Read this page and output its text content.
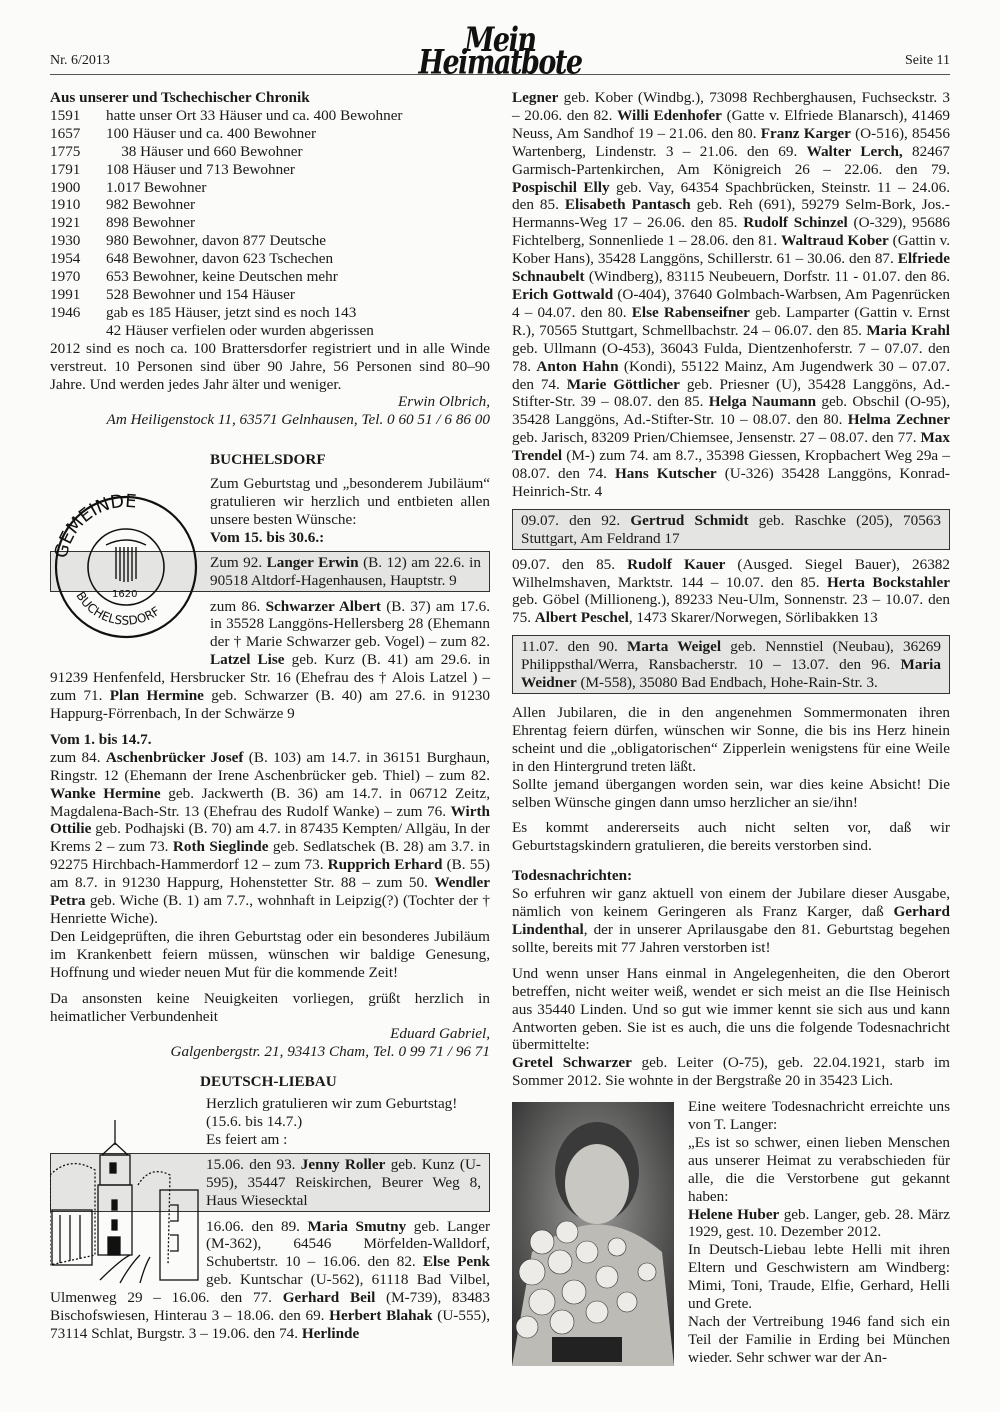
Nr. 6/2013
Mein Heimatbote	Seite 11
Aus unserer und Tschechischer Chronik
1591	hatte unser Ort 33 Häuser und ca. 400 Bewohner
1657	100 Häuser und ca. 400 Bewohner
1775	  38 Häuser und 660 Bewohner
1791	108 Häuser und 713 Bewohner
1900	1.017 Bewohner
1910	982 Bewohner
1921	898 Bewohner
1930	980 Bewohner, davon 877 Deutsche
1954	648 Bewohner, davon 623 Tschechen
1970	653 Bewohner, keine Deutschen mehr
1991	528 Bewohner und 154 Häuser
1946	gab es 185 Häuser, jetzt sind es noch 143
42 Häuser verfielen oder wurden abgerissen

2012 sind es noch ca. 100 Brattersdorfer registriert und in alle Winde verstreut. 10 Personen sind über 90 Jahre, 56 Personen sind 80–90 Jahre. Und werden jedes Jahr älter und weniger.

Erwin Olbrich,

Am Heiligenstock 11, 63571 Gelnhausen, Tel. 0 60 51 / 6 86 00

BUCHELSDORF
GEMEINDE
BUCHELSSDORF
1620

Zum Geburtstag und „besonderem Jubiläum“ gratulieren wir herzlich und entbieten allen unsere besten Wünsche:

Vom 15. bis 30.6.:

Zum 92. Langer Erwin (B. 12) am 22.6. in 90518 Altdorf-Hagenhausen, Hauptstr. 9

zum 86. Schwarzer Albert (B. 37) am 17.6. in 35528 Langgöns-Hellersberg 28 (Ehemann der † Marie Schwarzer geb. Vogel) – zum 82. Latzel Lise geb. Kurz (B. 41) am 29.6. in 91239 Henfenfeld, Hersbrucker Str. 16 (Ehefrau des † Alois Latzel ) – zum 71. Plan Hermine geb. Schwarzer (B. 40) am 27.6. in 91230 Happurg-Förrenbach, In der Schwärze 9

Vom 1. bis 14.7.

zum 84. Aschenbrücker Josef (B. 103) am 14.7. in 36151 Burghaun, Ringstr. 12 (Ehemann der Irene Aschenbrücker geb. Thiel) – zum 82. Wanke Hermine geb. Jackwerth (B. 36) am 14.7. in 06712 Zeitz, Magdalena-Bach-Str. 13 (Ehefrau des Rudolf Wanke) – zum 76. Wirth Ottilie geb. Podhajski (B. 70) am 4.7. in 87435 Kempten/ Allgäu, In der Krems 2 – zum 73. Roth Sieglinde geb. Sedlatschek (B. 28) am 3.7. in 92275 Hirchbach-Hammerdorf 12 – zum 73. Rupprich Erhard (B. 55) am 8.7. in 91230 Happurg, Hohenstetter Str. 88 – zum 50. Wendler Petra geb. Wiche (B. 1) am 7.7., wohnhaft in Leipzig(?) (Tochter der † Henriette Wiche).

Den Leidgeprüften, die ihren Geburtstag oder ein besonderes Jubiläum im Krankenbett feiern müssen, wünschen wir baldige Genesung, Hoffnung und wieder neuen Mut für die kommende Zeit!

Da ansonsten keine Neuigkeiten vorliegen, grüßt herzlich in heimatlicher Verbundenheit

Eduard Gabriel,

Galgenbergstr. 21, 93413 Cham, Tel. 0 99 71 / 96 71

DEUTSCH-LIEBAU

Herzlich gratulieren wir zum Geburtstag!

(15.6. bis 14.7.)

Es feiert am :

15.06. den 93. Jenny Roller geb. Kunz (U-595), 35447 Reiskirchen, Beurer Weg 8, Haus Wiesecktal

16.06. den 89. Maria Smutny geb. Langer (M-362), 64546 Mörfelden-Walldorf, Schubertstr. 10 – 16.06. den 82. Else Penk geb. Kuntschar (U-562), 61118 Bad Vilbel, Ulmenweg 29 – 16.06. den 77. Gerhard Beil (M-739), 83483 Bischofswiesen, Hinterau 3 – 18.06. den 69. Herbert Blahak (U-555), 73114 Schlat, Burgstr. 3 – 19.06. den 74. Herlinde

Legner geb. Kober (Windbg.), 73098 Rechberghausen, Fuchseckstr. 3 – 20.06. den 82. Willi Edenhofer (Gatte v. Elfriede Blanarsch), 41469 Neuss, Am Sandhof 19 – 21.06. den 80. Franz Karger (O-516), 85456 Wartenberg, Lindenstr. 3 – 21.06. den 69. Walter Lerch, 82467 Garmisch-Partenkirchen, Am Königreich 26 – 22.06. den 79. Pospischil Elly geb. Vay, 64354 Spachbrücken, Steinstr. 11 – 24.06. den 85. Elisabeth Pantasch geb. Reh (691), 59279 Selm-Bork, Jos.-Hermanns-Weg 17 – 26.06. den 85. Rudolf Schinzel (O-329), 95686 Fichtelberg, Sonnenliede 1 – 28.06. den 81. Waltraud Kober (Gattin v. Kober Hans), 35428 Langgöns, Schillerstr. 61 – 30.06. den 87. Elfriede Schnaubelt (Windberg), 83115 Neubeuern, Dorfstr. 11 - 01.07. den 86. Erich Gottwald (O-404), 37640 Golmbach-Warbsen, Am Pagenrücken 4 – 04.07. den 80. Else Rabenseifner geb. Lamparter (Gattin v. Ernst R.), 70565 Stuttgart, Schmellbachstr. 24 – 06.07. den 85. Maria Krahl geb. Ullmann (O-453), 36043 Fulda, Dientzenhoferstr. 7 – 07.07. den 78. Anton Hahn (Kondi), 55122 Mainz, Am Jugendwerk 30 – 07.07. den 74. Marie Göttlicher geb. Priesner (U), 35428 Langgöns, Ad.-Stifter-Str. 39 – 08.07. den 85. Helga Naumann geb. Obschil (O-95), 35428 Langgöns, Ad.-Stifter-Str. 10 – 08.07. den 80. Helma Zechner geb. Jarisch, 83209 Prien/Chiemsee, Jensenstr. 27 – 08.07. den 77. Max Trendel (M-) zum 74. am 8.7., 35398 Giessen, Kropbachert Weg 29a – 08.07. den 74. Hans Kutscher (U-326) 35428 Langgöns, Konrad-Heinrich-Str. 4

09.07. den 92. Gertrud Schmidt geb. Raschke (205), 70563 Stuttgart, Am Feldrand 17

09.07. den 85. Rudolf Kauer (Ausged. Siegel Bauer), 26382 Wilhelmshaven, Marktstr. 144 – 10.07. den 85. Herta Bockstahler geb. Göbel (Millioneng.), 89233 Neu-Ulm, Sonnenstr. 23 – 10.07. den 75. Albert Peschel, 1473 Skarer/Norwegen, Sörlibakken 13

11.07. den 90. Marta Weigel geb. Nennstiel (Neubau), 36269 Philippsthal/Werra, Ransbacherstr. 10 – 13.07. den 96. Maria Weidner (M-558), 35080 Bad Endbach, Hohe-Rain-Str. 3.

Allen Jubilaren, die in den angenehmen Sommermonaten ihren Ehrentag feiern dürfen, wünschen wir Sonne, die bis ins Herz hinein scheint und die „obligatorischen“ Zipperlein wenigstens für eine Weile in den Hintergrund treten läßt.

Sollte jemand übergangen worden sein, war dies keine Absicht! Die selben Wünsche gingen dann umso herzlicher an sie/ihn!

Es kommt andererseits auch nicht selten vor, daß wir Geburtstagskindern gratulieren, die bereits verstorben sind.

Todesnachrichten:

So erfuhren wir ganz aktuell von einem der Jubilare dieser Ausgabe, nämlich von keinem Geringeren als Franz Karger, daß Gerhard Lindenthal, der in unserer Aprilausgabe den 81. Geburtstag begehen sollte, bereits mit 77 Jahren verstorben ist!

Und wenn unser Hans einmal in Angelegenheiten, die den Oberort betreffen, nicht weiter weiß, wendet er sich meist an die Ilse Heinisch aus 35440 Linden. Und so gut wie immer kennt sie sich aus und kann Antworten geben. Sie ist es auch, die uns die folgende Todesnachricht übermittelte:

Gretel Schwarzer geb. Leiter (O-75), geb. 22.04.1921, starb im Sommer 2012. Sie wohnte in der Bergstraße 20 in 35423 Lich.

Eine weitere Todesnachricht erreichte uns von T. Langer:

„Es ist so schwer, einen lieben Menschen aus unserer Heimat zu verabschieden für alle, die die Verstorbene gut gekannt haben:

Helene Huber geb. Langer, geb. 28. März 1929, gest. 10. Dezember 2012.

In Deutsch-Liebau lebte Helli mit ihren Eltern und Geschwistern am Windberg: Mimi, Toni, Traude, Elfie, Gerhard, Helli und Grete.

Nach der Vertreibung 1946 fand sich ein Teil der Familie in Erding bei München wieder. Sehr schwer war der An-
